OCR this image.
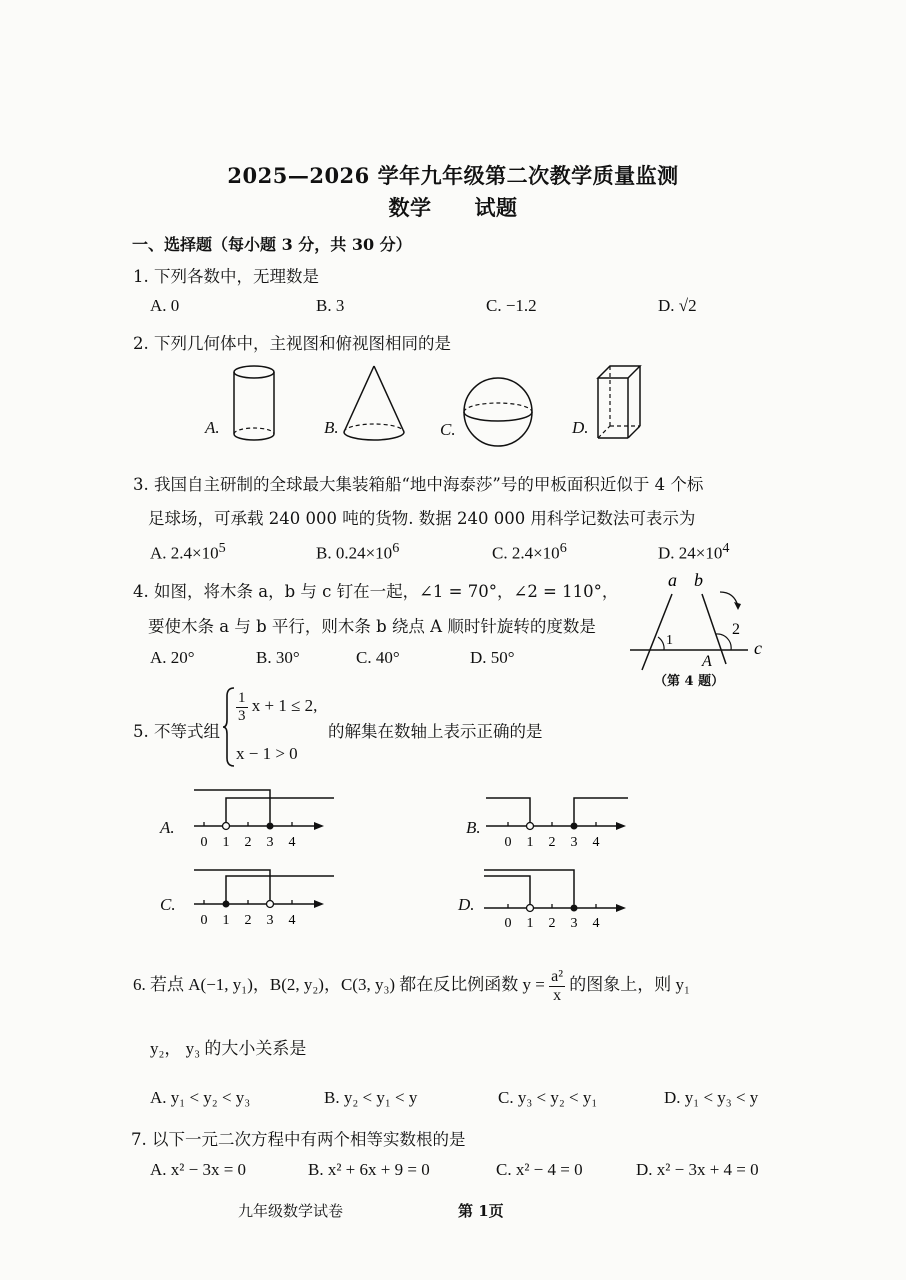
2025—2026 学年九年级第二次教学质量监测
数学　　试题
一、选择题（每小题 3 分，共 30 分）
1. 下列各数中，无理数是
A. 0	B. 3	C. −1.2	D. √2
2. 下列几何体中，主视图和俯视图相同的是
A.	B.	C.	D.
3. 我国自主研制的全球最大集装箱船“地中海泰莎”号的甲板面积近似于 4 个标
足球场，可承载 240 000 吨的货物. 数据 240 000 用科学记数法可表示为
A. $2.4\times 10^5$	B. $0.24\times 10^6$	C. $2.4\times 10^6$	D. $24\times 10^4$
4. 如图，将木条 a，b 与 c 钉在一起，∠1 = 70°，∠2 = 110°，
要使木条 a 与 b 平行，则木条 b 绕点 A 顺时针旋转的度数是
A. 20°	B. 30°	C. 40°	D. 50°
a b
c
A
1
2
（第 4 题）
5. 不等式组
$\frac{1}{3}$ x + 1 ≤ 2,
x − 1 > 0
的解集在数轴上表示正确的是
A.
0 1 2 3 4
B.
0 1 2 3 4
C.
0 1 2 3 4
D.
0 1 2 3 4
6. 若点 A(−1, y₁)，B(2, y₂)，C(3, y₃) 都在反比例函数 $y = \frac{\text{a²}}{x}$ 的图象上，则 y₁
y₂， y₃ 的大小关系是
A. y₁ < y₂ < y₃	B. y₂ < y₁ < y	C. y₃ < y₂ < y₁	D. y₁ < y₃ < y
7. 以下一元二次方程中有两个相等实数根的是
A. x² − 3x = 0	B. x² + 6x + 9 = 0	C. x² − 4 = 0	D. x² − 3x + 4 = 0
九年级数学试卷	第 1页
